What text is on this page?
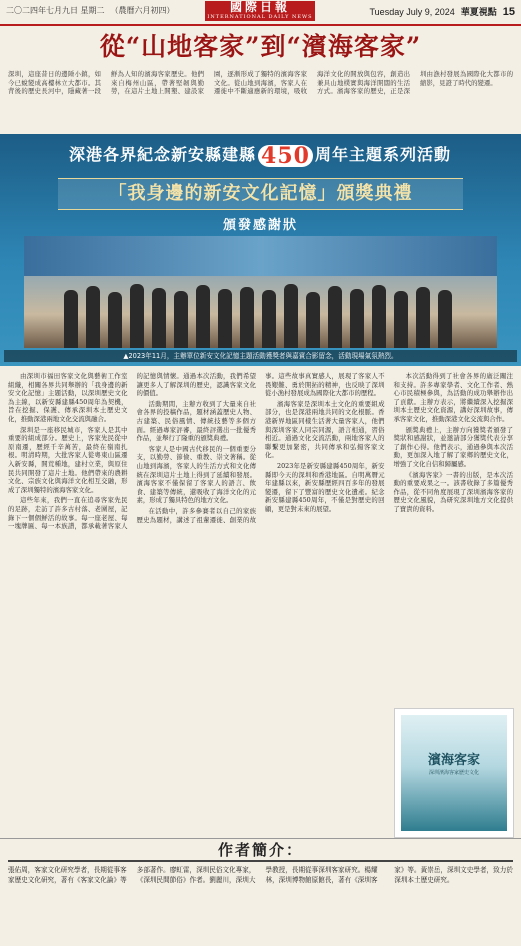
二〇二四年七月九日 星期二 （農曆六月初四）	國際日報
INTERNATIONAL DAILY NEWS	Tuesday July 9, 2024 華夏視點 15
從“山地客家”到“濱海客家”
深圳，這座昔日的邊陲小鎮，如今已蛻變成高樓林立大都市。其背後的歷史長河中，隱藏著一段鮮為人知的濱海客家歷史。他們來自梅州山區，帶著堅韌與勤勞，在這片土地上開墾、建設家園，逐漸形成了獨特的濱海客家文化。從山地到海濱，客家人在遷徙中不斷適應新的環境，吸收海洋文化的開放與包容，創造出兼具山地樸實與海洋開闊的生活方式。濱海客家的歷史，正是深圳由漁村發展為國際化大都市的縮影，見證了時代的變遷。
深港各界紀念新安縣建縣 450 周年主題系列活動
「我身邊的新安文化記憶」頒獎典禮
頒發感謝狀
▲2023年11月，主辦單位新安文化記憶主題活動獲獎者與嘉賓合影留念，活動現場氣氛熱烈。

由深圳市福田客家文化與藝術工作室組織，相關各界共同舉辦的「我身邊的新安文化記憶」主題活動，以深圳歷史文化為主線，以新安縣建縣450周年為契機，旨在挖掘、保護、傳承深圳本土歷史文化，推動深港兩地文化交流與融合。

深圳是一座移民城市，客家人是其中重要的組成部分。歷史上，客家先民從中原南遷，歷經千辛萬苦，最終在嶺南扎根。明清時期，大批客家人從粵東山區遷入新安縣，開荒種地，建村立業，與原住民共同開發了這片土地。他們帶來的農耕文化、宗族文化與海洋文化相互交融，形成了深圳獨特的濱海客家文化。

這些年來，我們一直在追尋客家先民的足跡，走訪了許多古村落、老圍屋，記錄下一個個鮮活的故事。每一座老屋、每一塊牌匾、每一本族譜，都承載著客家人的記憶與情懷。通過本次活動，我們希望讓更多人了解深圳的歷史，認識客家文化的價值。

活動期間，主辦方收到了大量來自社會各界的投稿作品，題材涵蓋歷史人物、古建築、民俗風情、傳統技藝等多個方面。經過專家評審，最終評選出一批優秀作品，並舉行了隆重的頒獎典禮。

客家人是中國古代移民的一個重要分支，以勤勞、節儉、重教、崇文著稱。從山地到海濱，客家人的生活方式和文化傳統在深圳這片土地上得到了延續和發展。濱海客家不僅保留了客家人的語言、飲食、建築等傳統，還吸收了海洋文化的元素，形成了獨具特色的地方文化。

在活動中，許多參賽者以自己的家族歷史為題材，講述了祖輩遷徙、創業的故事。這些故事真實感人，展現了客家人不畏艱難、勇於開拓的精神，也反映了深圳從小漁村發展成為國際化大都市的歷程。

濱海客家是深圳本土文化的重要組成部分，也是深港兩地共同的文化根脈。香港新界地區同樣生活著大量客家人，他們與深圳客家人同宗同源，語言相通，習俗相近。通過文化交流活動，兩地客家人的聯繫更加緊密，共同傳承和弘揚客家文化。

2023年是新安縣建縣450周年，新安縣即今天的深圳和香港地區。自明萬曆元年建縣以來，新安縣歷經四百多年的發展變遷，留下了豐富的歷史文化遺產。紀念新安縣建縣450周年，不僅是對歷史的回顧，更是對未來的展望。

本次活動得到了社會各界的廣泛關注和支持。許多專家學者、文化工作者、熱心市民積極參與，為活動的成功舉辦作出了貢獻。主辦方表示，將繼續深入挖掘深圳本土歷史文化資源，講好深圳故事，傳承客家文化，推動深港文化交流與合作。

頒獎典禮上，主辦方向獲獎者頒發了獎狀和感謝狀，並邀請部分獲獎代表分享了創作心得。他們表示，通過參與本次活動，更加深入地了解了家鄉的歷史文化，增強了文化自信和歸屬感。

《濱海客家》一書的出版，是本次活動的重要成果之一。該書收錄了多篇優秀作品，從不同角度展現了深圳濱海客家的歷史文化風貌，為研究深圳地方文化提供了寶貴的資料。

濱海客家
深圳濱海客家歷史文化
作者簡介：
張佑周，客家文化研究學者，長期從事客家歷史文化研究，著有《客家文化論》等多部著作。廖虹雷，深圳民俗文化專家，《深圳民間節俗》作者。劉麗川，深圳大學教授，長期從事深圳客家研究。楊耀林，深圳博物館原館長，著有《深圳客家》等。黃崇岳，深圳文史學者，致力於深圳本土歷史研究。
